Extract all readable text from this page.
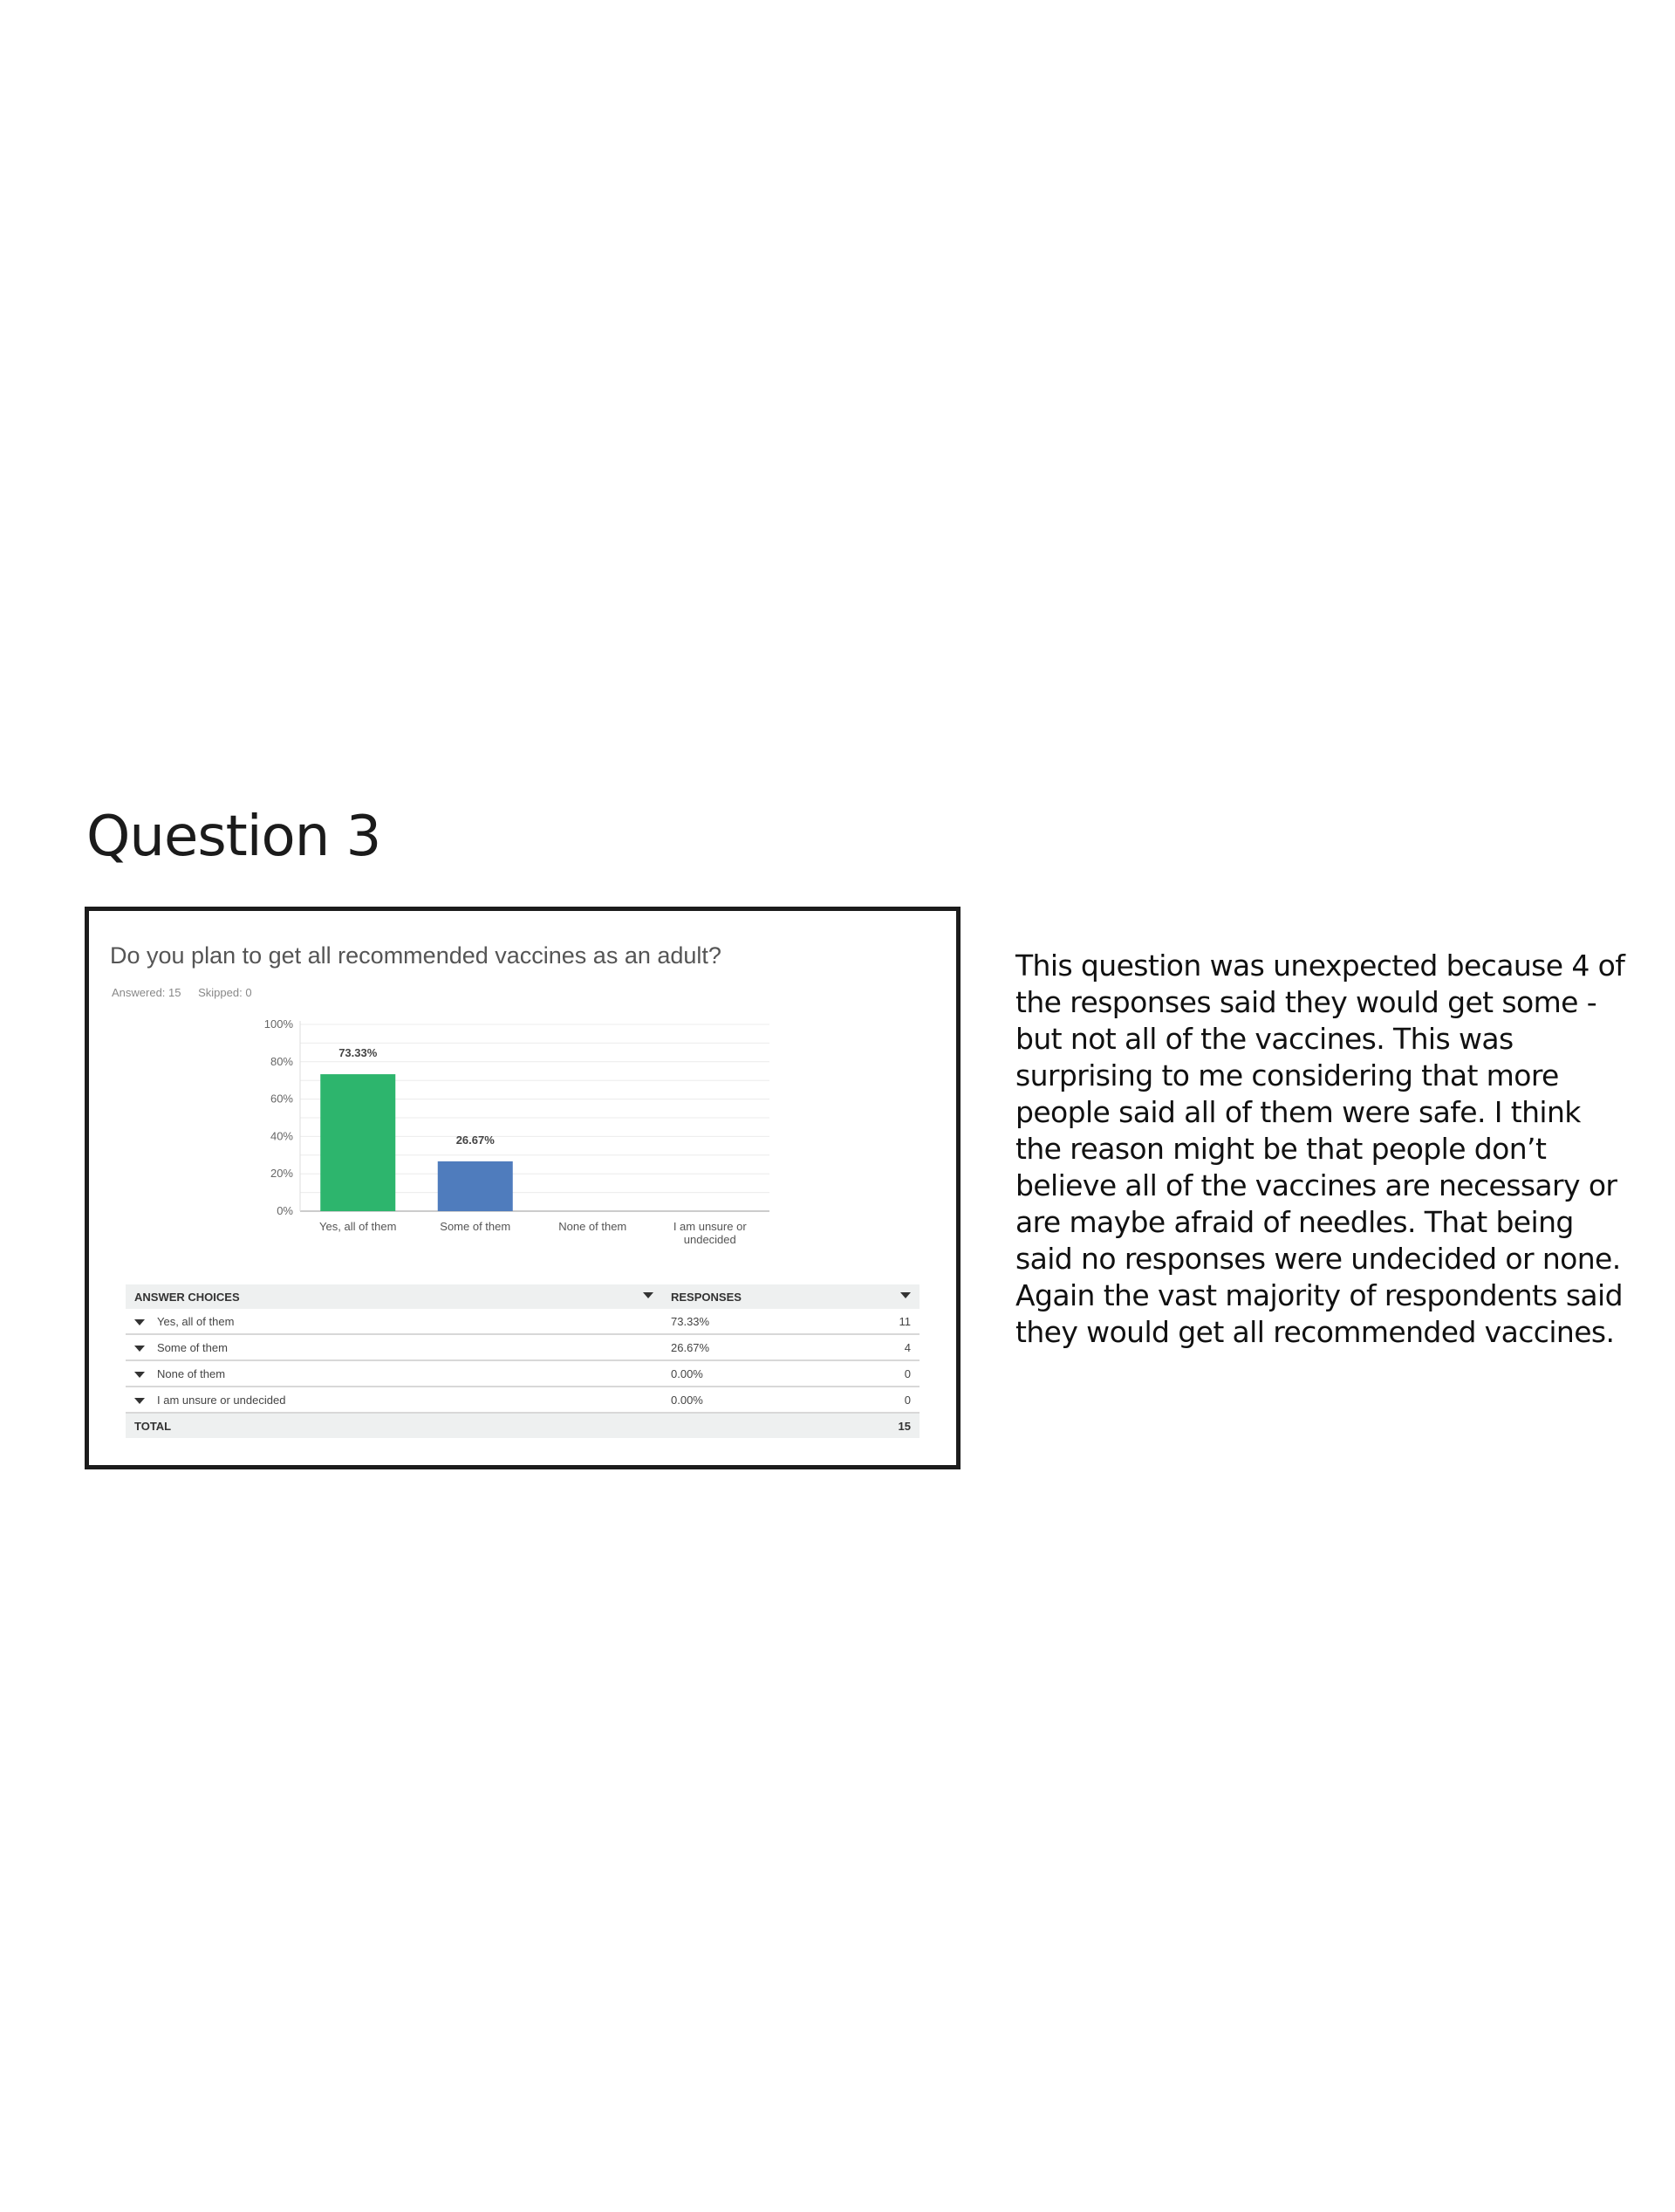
Question 3
Do you plan to get all recommended vaccines as an adult?
Answered: 15 Skipped: 0
0%
20%
40%
60%
80%
100%
Yes, all of them	Some of them	None of them	I am unsure or undecided
73.33%
26.67%
ANSWER CHOICES	RESPONSES	

Yes, all of them	73.33%	11
Some of them	26.67%	4
None of them	0.00%	0
I am unsure or undecided	0.00%	0
TOTAL		15

This question was unexpected because 4 of the responses said they would get some - but not all of the vaccines. This was surprising to me considering that more people said all of them were safe. I think the reason might be that people don’t believe all of the vaccines are necessary or are maybe afraid of needles. That being said no responses were undecided or none. Again the vast majority of respondents said they would get all recommended vaccines.
